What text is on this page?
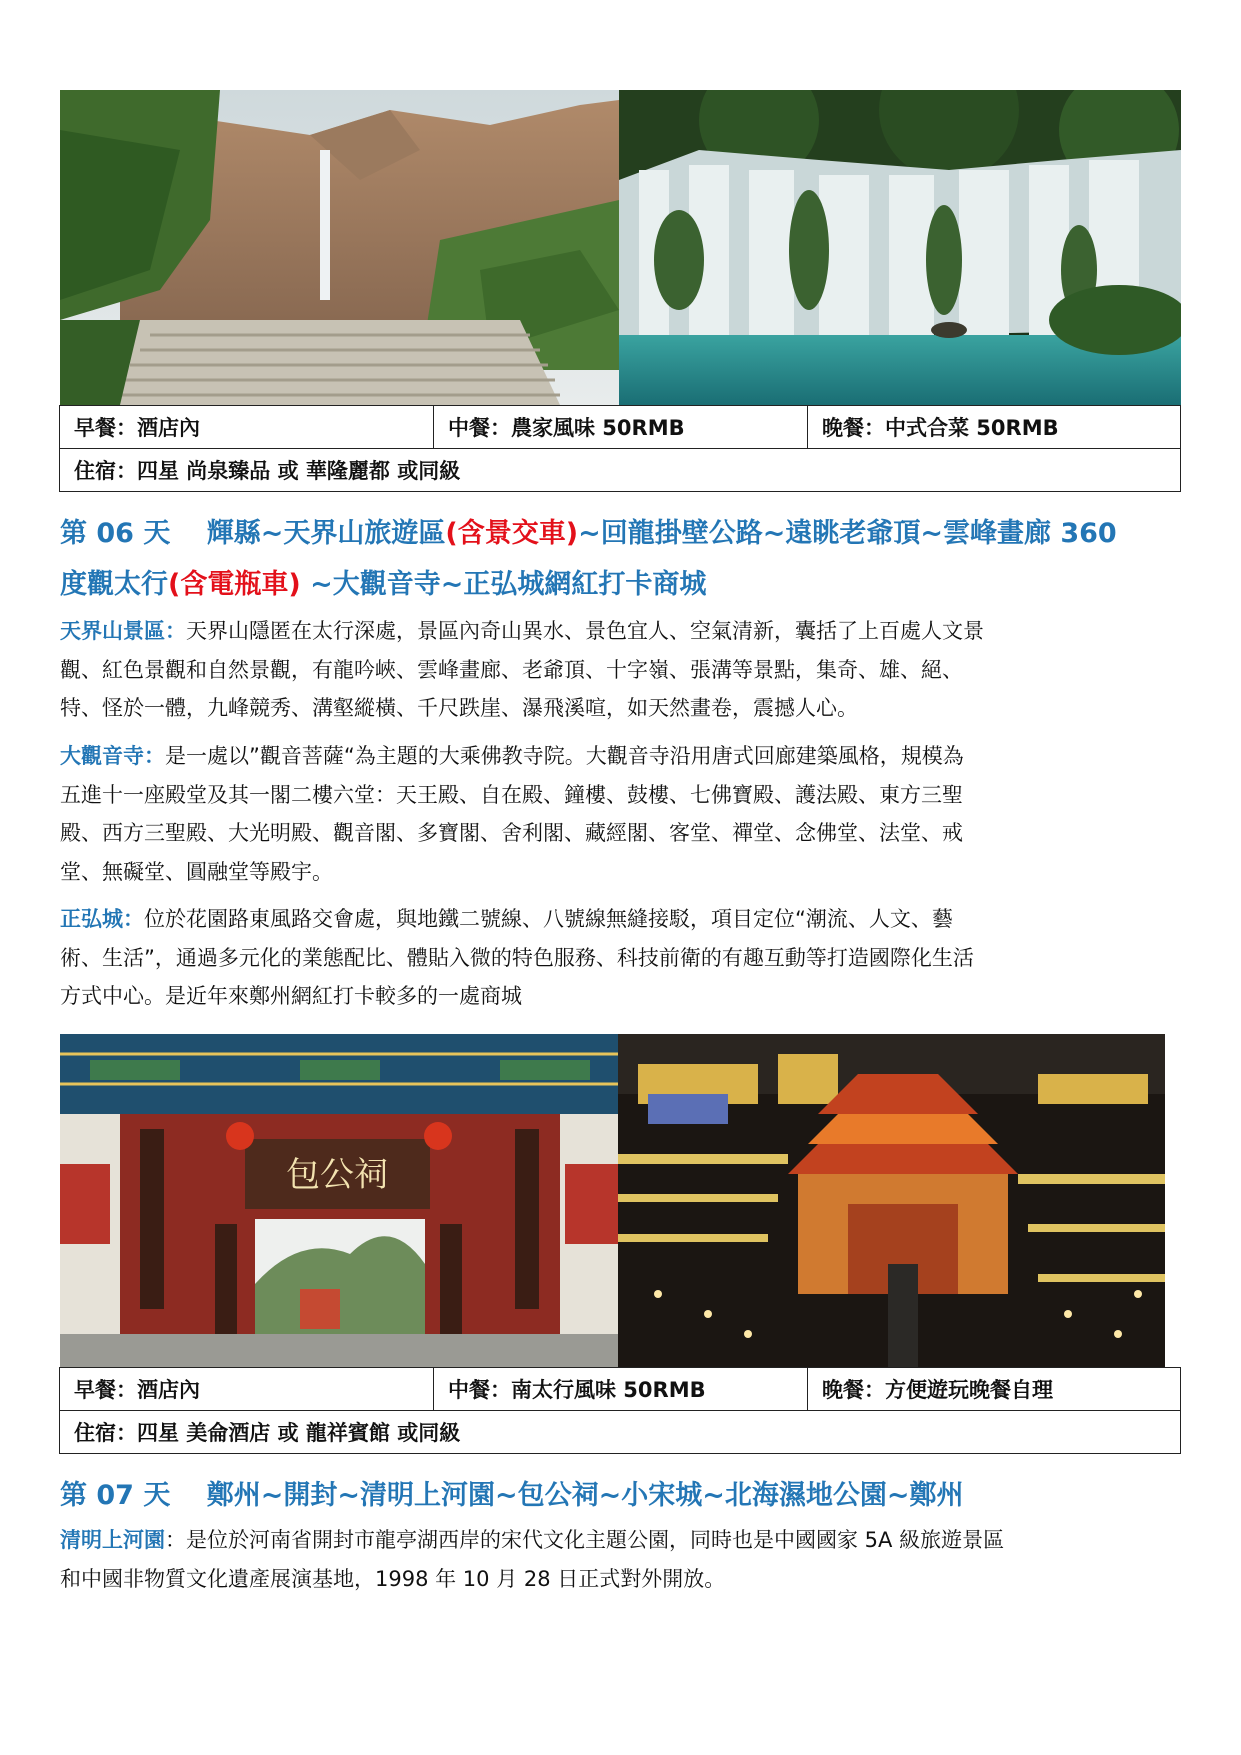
早餐：酒店內	中餐：農家風味 50RMB	晚餐：中式合菜 50RMB
住宿：四星 尚泉臻品 或 華隆麗都 或同級
第 06 天　 輝縣~天界山旅遊區(含景交車)~回龍掛壁公路~遠眺老爺頂~雲峰畫廊 360
度觀太行(含電瓶車) ~大觀音寺~正弘城網紅打卡商城
天界山景區：天界山隱匿在太行深處，景區內奇山異水、景色宜人、空氣清新，囊括了上百處人文景
觀、紅色景觀和自然景觀，有龍吟峽、雲峰畫廊、老爺頂、十字嶺、張溝等景點，集奇、雄、絕、
特、怪於一體，九峰競秀、溝壑縱橫、千尺跌崖、瀑飛溪喧，如天然畫卷，震撼人心。
大觀音寺：是一處以”觀音菩薩“為主題的大乘佛教寺院。大觀音寺沿用唐式回廊建築風格，規模為
五進十一座殿堂及其一閣二樓六堂：天王殿、自在殿、鐘樓、鼓樓、七佛寶殿、護法殿、東方三聖
殿、西方三聖殿、大光明殿、觀音閣、多寶閣、舍利閣、藏經閣、客堂、禪堂、念佛堂、法堂、戒
堂、無礙堂、圓融堂等殿宇。
正弘城：位於花園路東風路交會處，與地鐵二號線、八號線無縫接駁，項目定位“潮流、人文、藝
術、生活”，通過多元化的業態配比、體貼入微的特色服務、科技前衛的有趣互動等打造國際化生活
方式中心。是近年來鄭州網紅打卡較多的一處商城
包公祠
早餐：酒店內	中餐：南太行風味 50RMB	晚餐：方便遊玩晚餐自理
住宿：四星 美侖酒店 或 龍祥賓館 或同級
第 07 天　 鄭州~開封~清明上河園~包公祠~小宋城~北海濕地公園~鄭州
清明上河園：是位於河南省開封市龍亭湖西岸的宋代文化主題公園，同時也是中國國家 5A 級旅遊景區
和中國非物質文化遺產展演基地，1998 年 10 月 28 日正式對外開放。
